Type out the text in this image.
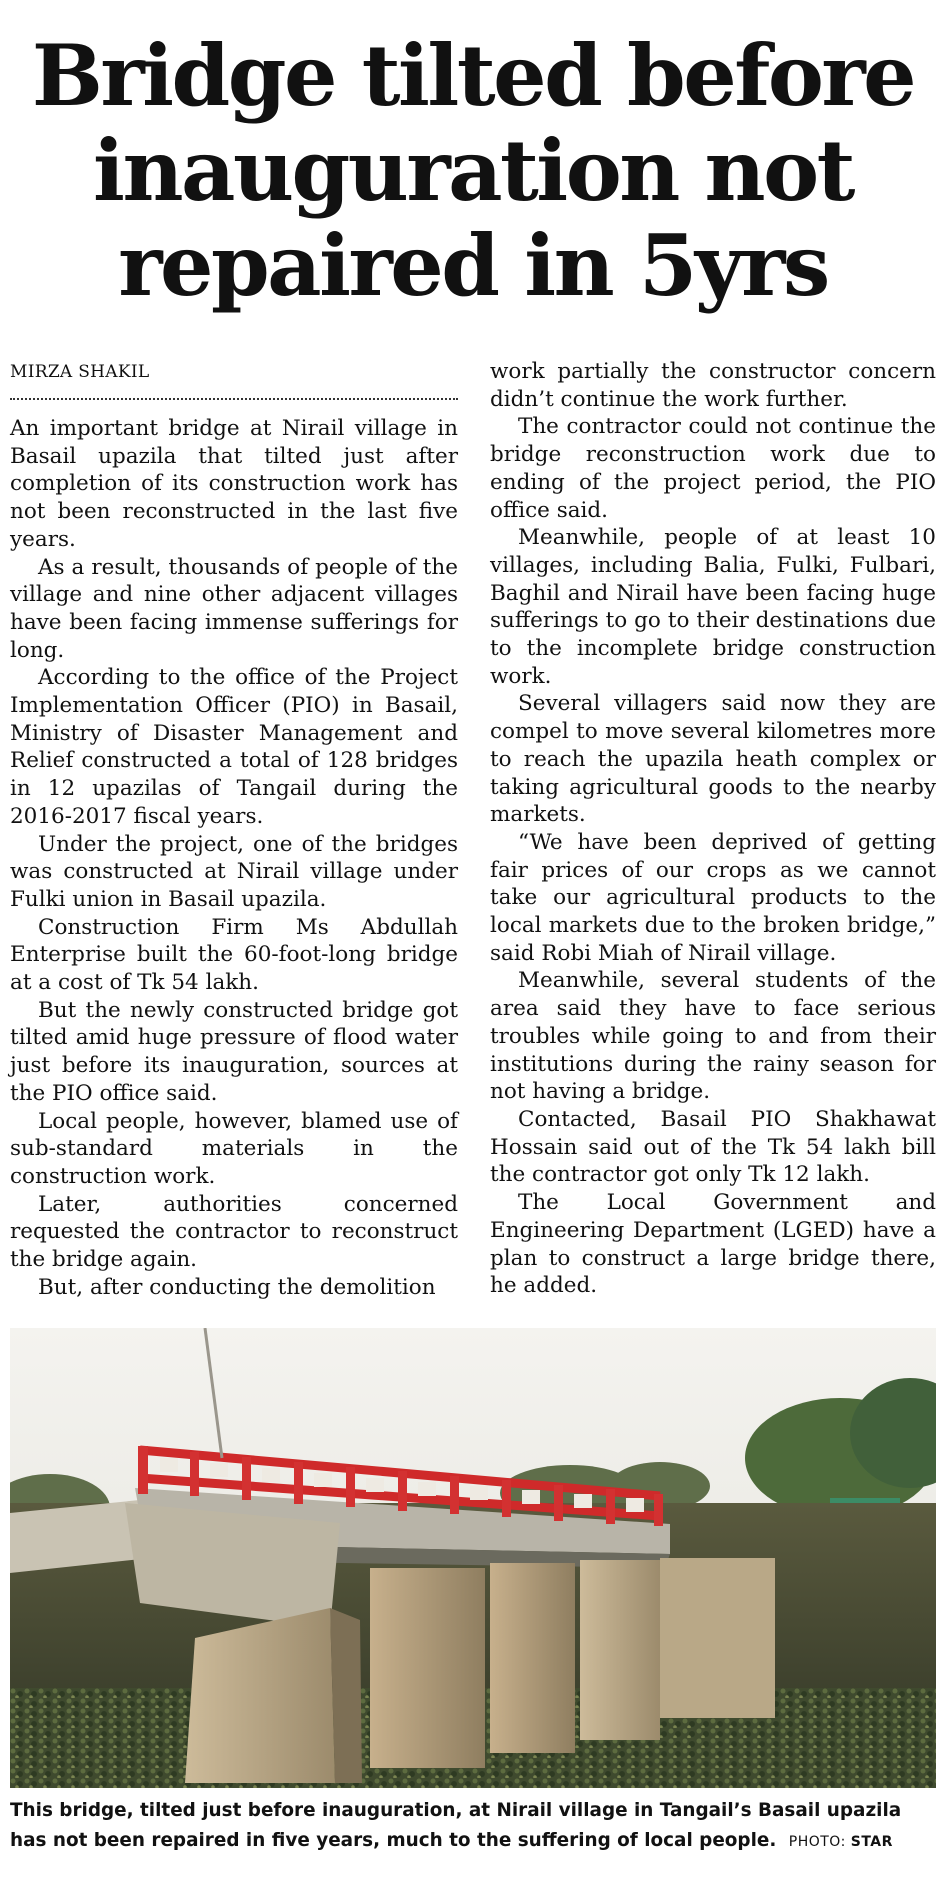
Bridge tilted before
inauguration not
repaired in 5yrs
MIRZA SHAKIL

An important bridge at Nirail village in Basail upazila that tilted just after completion of its construction work has not been reconstructed in the last five years.

As a result, thousands of people of the village and nine other adjacent villages have been facing immense sufferings for long.

According to the office of the Project Implementation Officer (PIO) in Basail, Ministry of Disaster Management and Relief constructed a total of 128 bridges in 12 upazilas of Tangail during the 2016-2017 fiscal years.

Under the project, one of the bridges was constructed at Nirail village under Fulki union in Basail upazila.

Construction Firm Ms Abdullah Enterprise built the 60-foot-long bridge at a cost of Tk 54 lakh.

But the newly constructed bridge got tilted amid huge pressure of flood water just before its inauguration, sources at the PIO office said.

Local people, however, blamed use of sub-standard materials in the construction work.

Later, authorities concerned requested the contractor to reconstruct the bridge again.

But, after conducting the demolition

work partially the constructor concern didn’t continue the work further.

The contractor could not continue the bridge reconstruction work due to ending of the project period, the PIO office said.

Meanwhile, people of at least 10 villages, including Balia, Fulki, Fulbari, Baghil and Nirail have been facing huge sufferings to go to their destinations due to the incomplete bridge construction work.

Several villagers said now they are compel to move several kilometres more to reach the upazila heath complex or taking agricultural goods to the nearby markets.

“We have been deprived of getting fair prices of our crops as we cannot take our agricultural products to the local markets due to the broken bridge,” said Robi Miah of Nirail village.

Meanwhile, several students of the area said they have to face serious troubles while going to and from their institutions during the rainy season for not having a bridge.

Contacted, Basail PIO Shakhawat Hossain said out of the Tk 54 lakh bill the contractor got only Tk 12 lakh.

The Local Government and Engineering Department (LGED) have a plan to construct a large bridge there, he added.

This bridge, tilted just before inauguration, at Nirail village in Tangail’s Basail upazila has not been repaired in five years, much to the suffering of local people. PHOTO: STAR
